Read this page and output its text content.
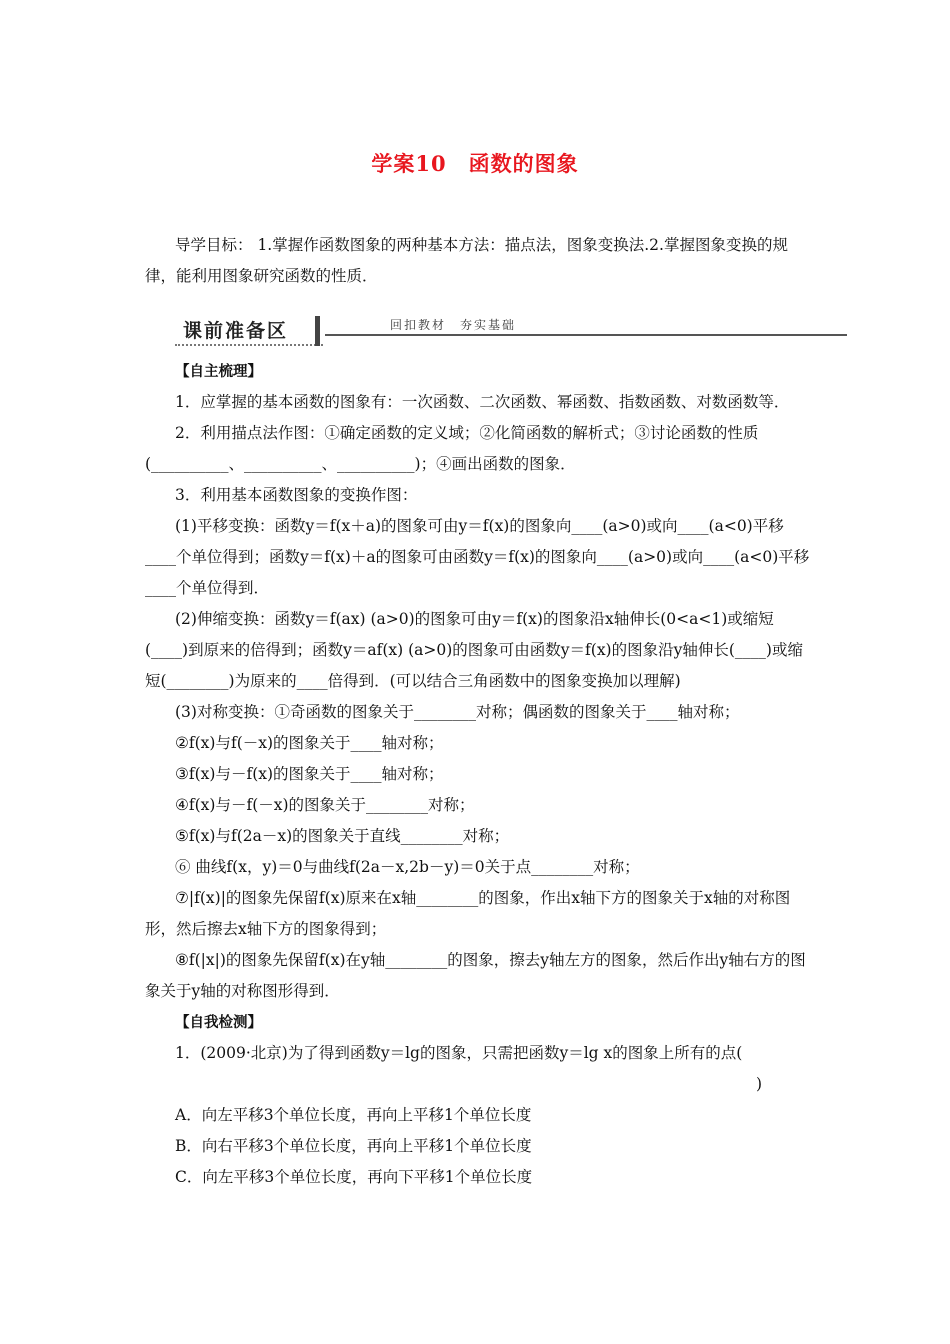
学案10 函数的图象

导学目标： 1.掌握作函数图象的两种基本方法：描点法，图象变换法.2.掌握图象变换的规律，能利用图象研究函数的性质．

课前准备区	回扣教材　夯实基础

【自主梳理】

1．应掌握的基本函数的图象有：一次函数、二次函数、幂函数、指数函数、对数函数等．

2．利用描点法作图：①确定函数的定义域；②化简函数的解析式；③讨论函数的性质(__________、__________、__________)；④画出函数的图象．

3．利用基本函数图象的变换作图：

(1)平移变换：函数y＝f(x＋a)的图象可由y＝f(x)的图象向____(a>0)或向____(a<0)平移____个单位得到；函数y＝f(x)＋a的图象可由函数y＝f(x)的图象向____(a>0)或向____(a<0)平移____个单位得到．

(2)伸缩变换：函数y＝f(ax) (a>0)的图象可由y＝f(x)的图象沿x轴伸长(0<a<1)或缩短(____)到原来的倍得到；函数y＝af(x) (a>0)的图象可由函数y＝f(x)的图象沿y轴伸长(____)或缩短(________)为原来的____倍得到．(可以结合三角函数中的图象变换加以理解)

(3)对称变换：①奇函数的图象关于________对称；偶函数的图象关于____轴对称；

②f(x)与f(－x)的图象关于____轴对称；

③f(x)与－f(x)的图象关于____轴对称；

④f(x)与－f(－x)的图象关于________对称；

⑤f(x)与f(2a－x)的图象关于直线________对称；

⑥ 曲线f(x，y)＝0与曲线f(2a－x,2b－y)＝0关于点________对称；

⑦|f(x)|的图象先保留f(x)原来在x轴________的图象，作出x轴下方的图象关于x轴的对称图形，然后擦去x轴下方的图象得到；

⑧f(|x|)的图象先保留f(x)在y轴________的图象，擦去y轴左方的图象，然后作出y轴右方的图象关于y轴的对称图形得到．

【自我检测】

1．(2009·北京)为了得到函数y＝lg的图象，只需把函数y＝lg x的图象上所有的点(

)

A．向左平移3个单位长度，再向上平移1个单位长度

B．向右平移3个单位长度，再向上平移1个单位长度

C．向左平移3个单位长度，再向下平移1个单位长度
